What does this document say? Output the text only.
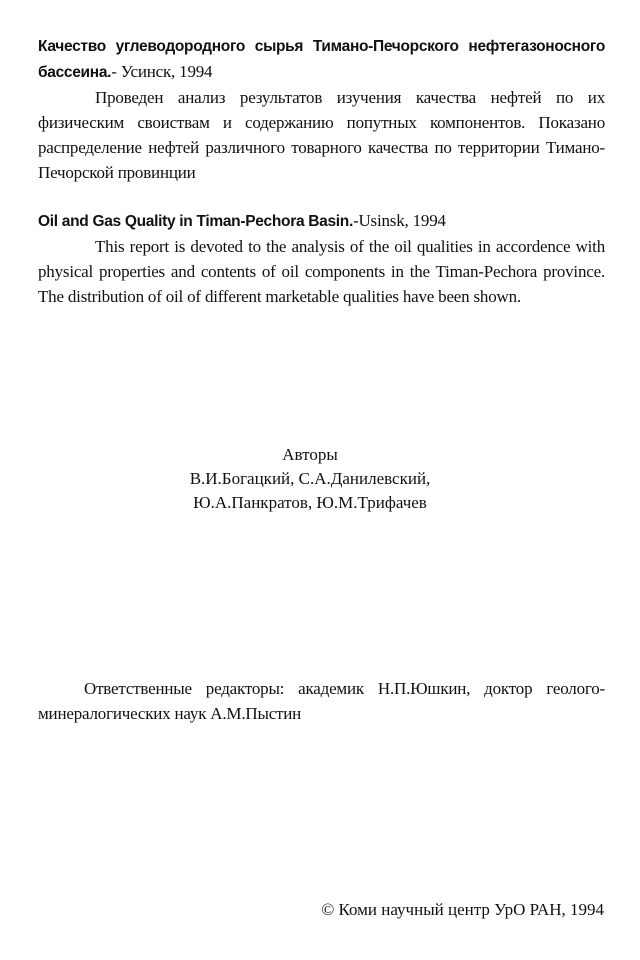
Качество углеводородного сырья Тимано-Печорского нефтегазоносного бассеина.- Усинск, 1994

Проведен анализ результатов изучения качества нефтей по их физическим своиствам и содержанию попутных компонентов. Показано распределение нефтей различного товарного качества по территории Тимано-Печорской провинции

Oil and Gas Quality in Timan-Pechora Basin.-Usinsk, 1994

This report is devoted to the analysis of the oil qualities in accordence with physical properties and contents of oil components in the Timan-Pechora province. The distribution of oil of different marketable qualities have been shown.

Авторы
В.И.Богацкий, С.А.Данилевский,
Ю.А.Панкратов, Ю.М.Трифачев
Ответственные редакторы: академик Н.П.Юшкин, доктор геолого-минералогических наук А.М.Пыстин
© Коми научный центр УрО РАН, 1994
